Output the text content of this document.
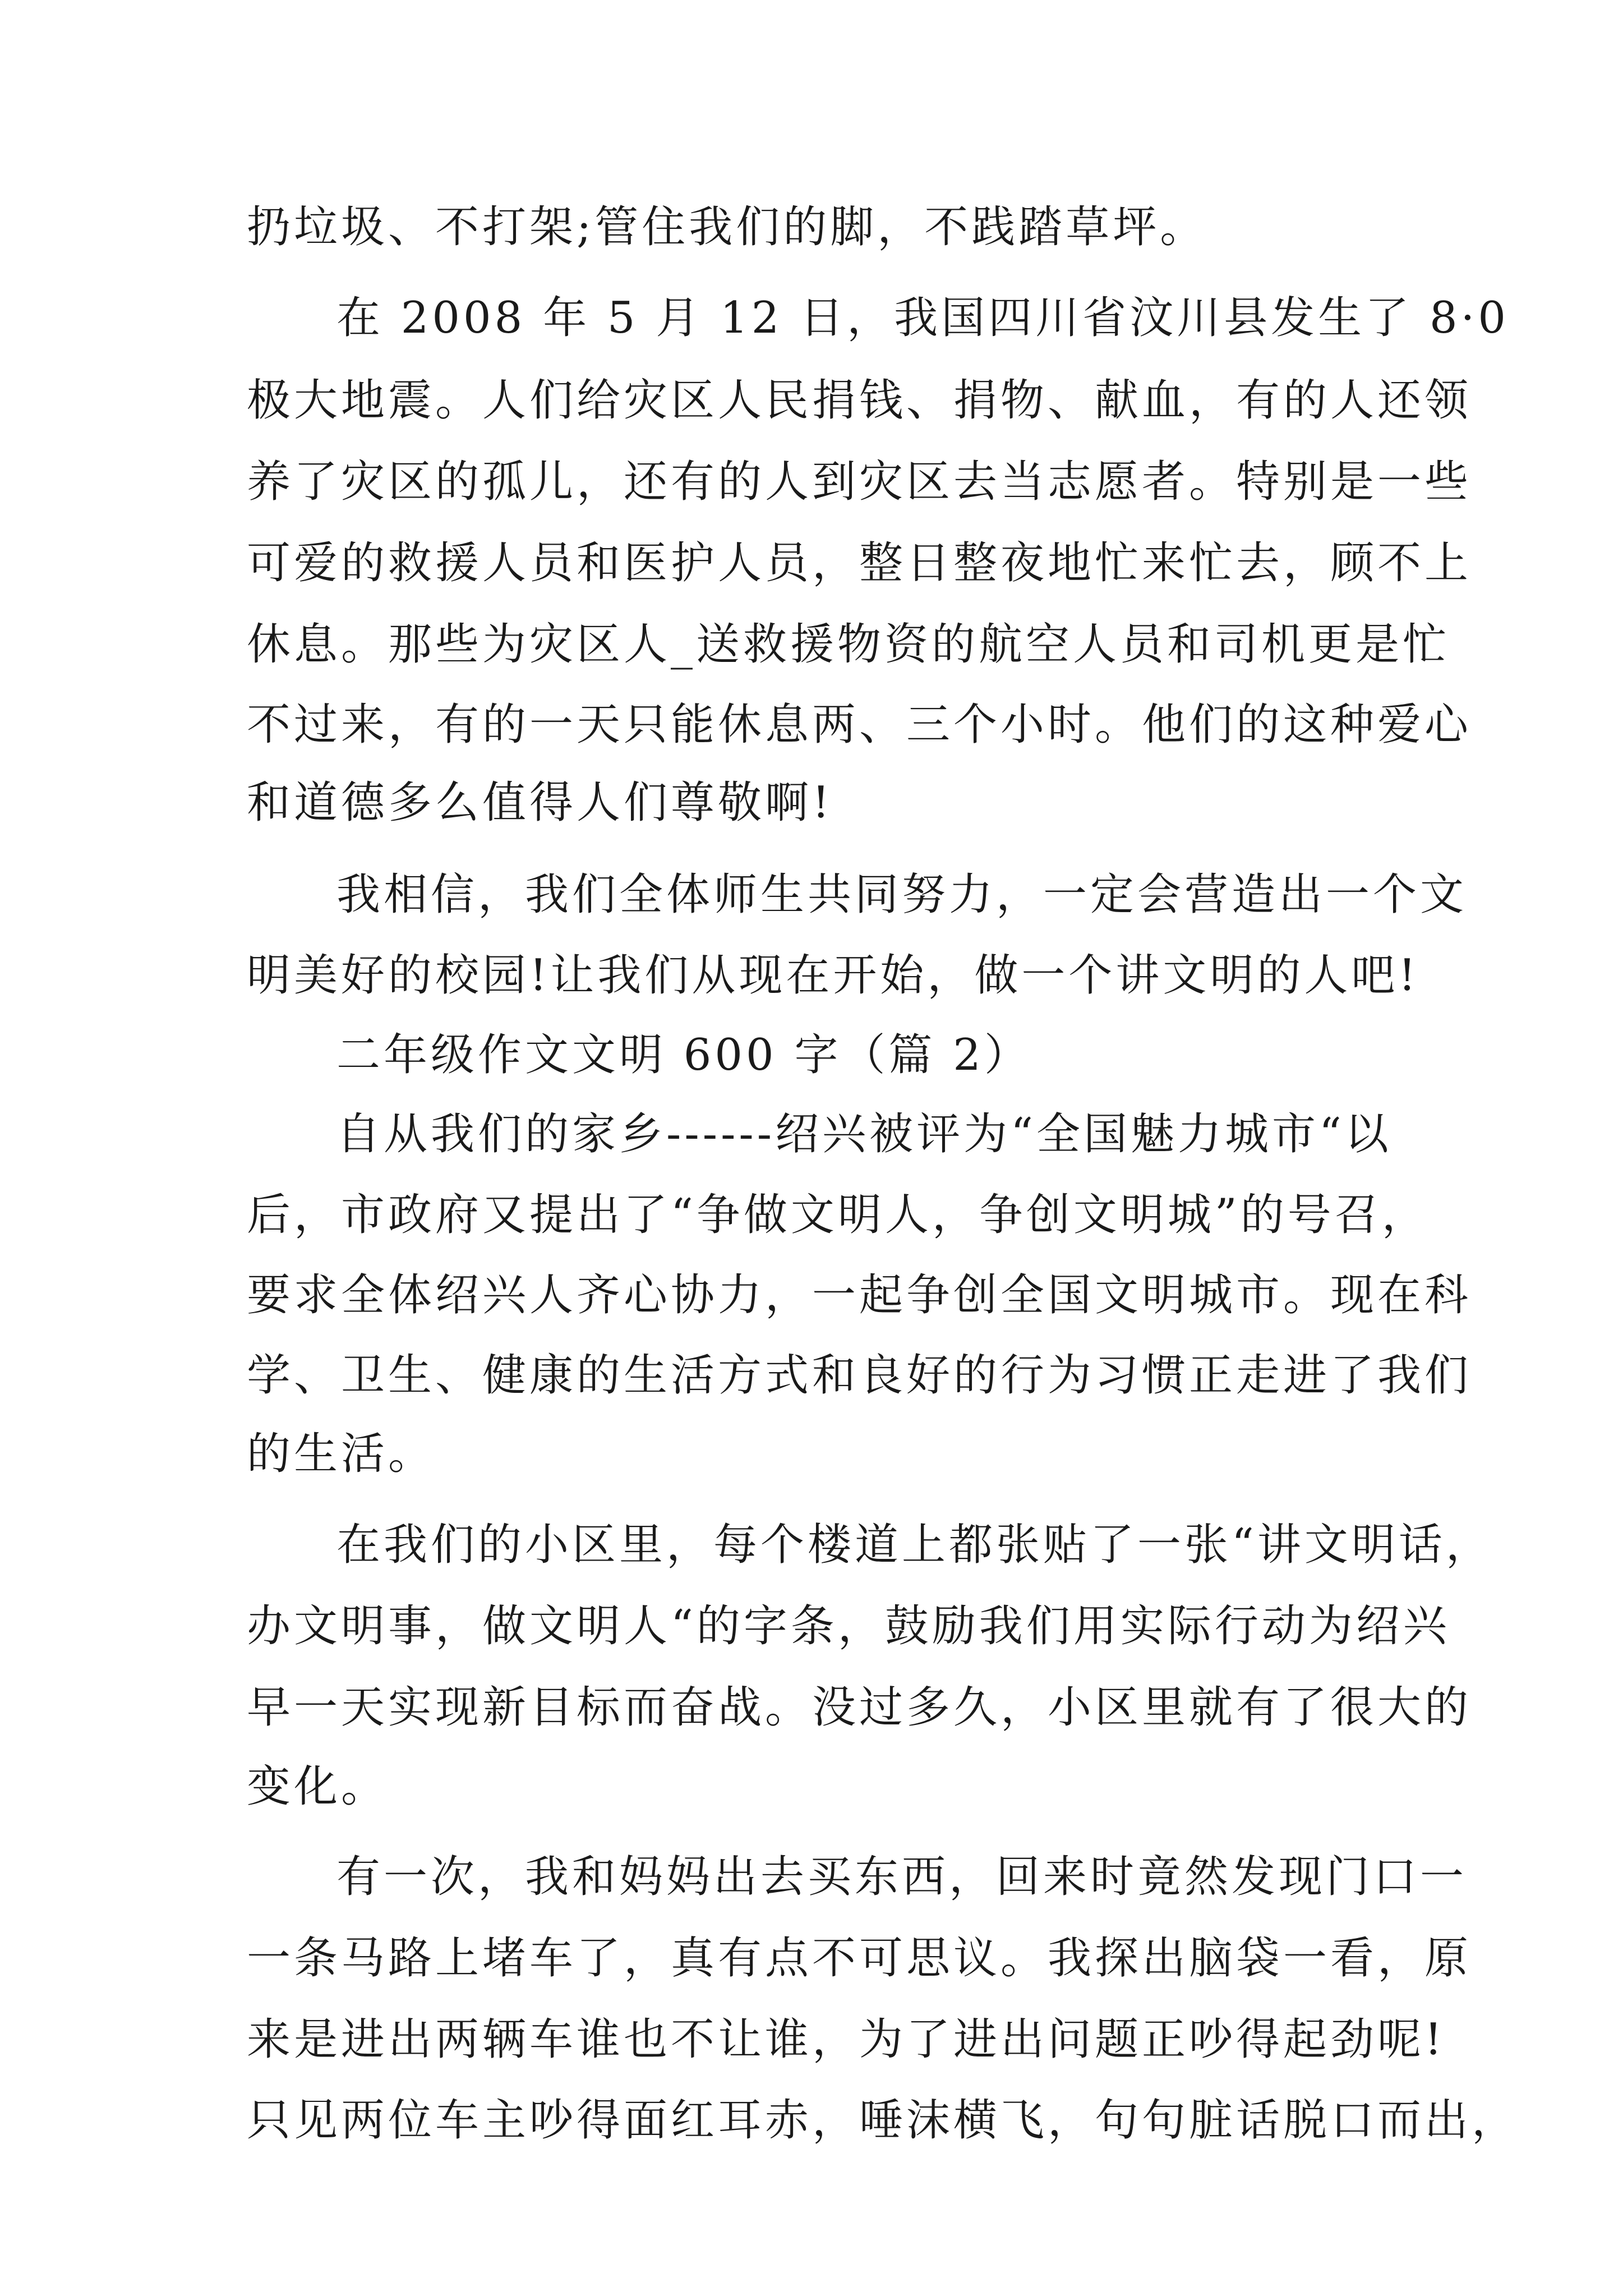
扔垃圾、不打架;管住我们的脚，不践踏草坪。
在 2008 年 5 月 12 日，我国四川省汶川县发生了 8·0
极大地震。人们给灾区人民捐钱、捐物、献血，有的人还领
养了灾区的孤儿，还有的人到灾区去当志愿者。特别是一些
可爱的救援人员和医护人员，整日整夜地忙来忙去，顾不上
休息。那些为灾区人_送救援物资的航空人员和司机更是忙
不过来，有的一天只能休息两、三个小时。他们的这种爱心
和道德多么值得人们尊敬啊!
我相信，我们全体师生共同努力，一定会营造出一个文
明美好的校园!让我们从现在开始，做一个讲文明的人吧!
二年级作文文明 600 字（篇 2）
自从我们的家乡------绍兴被评为“全国魅力城市“以
后，市政府又提出了“争做文明人，争创文明城”的号召，
要求全体绍兴人齐心协力，一起争创全国文明城市。现在科
学、卫生、健康的生活方式和良好的行为习惯正走进了我们
的生活。
在我们的小区里，每个楼道上都张贴了一张“讲文明话，
办文明事，做文明人“的字条，鼓励我们用实际行动为绍兴
早一天实现新目标而奋战。没过多久，小区里就有了很大的
变化。
有一次，我和妈妈出去买东西，回来时竟然发现门口一
一条马路上堵车了，真有点不可思议。我探出脑袋一看，原
来是进出两辆车谁也不让谁，为了进出问题正吵得起劲呢!
只见两位车主吵得面红耳赤，唾沫横飞，句句脏话脱口而出，
